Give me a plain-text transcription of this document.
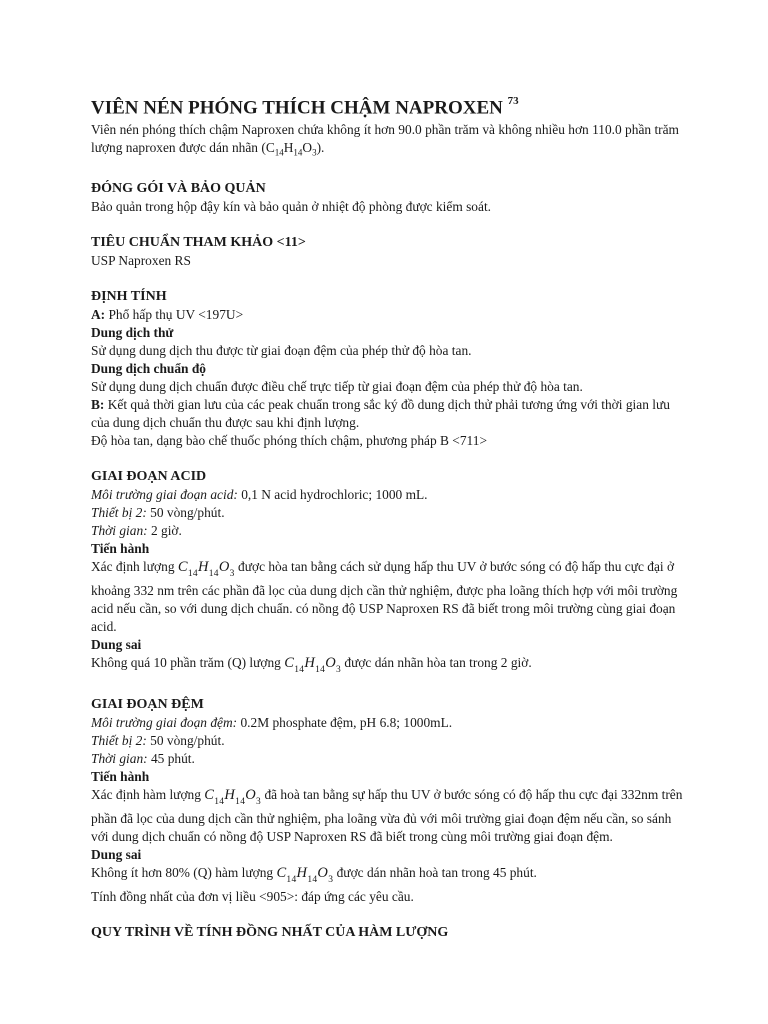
VIÊN NÉN PHÓNG THÍCH CHẬM NAPROXEN $^{73}$

Viên nén phóng thích chậm Naproxen chứa không ít hơn 90.0 phần trăm và không nhiều hơn 110.0 phần trăm lượng naproxen được dán nhãn $(C_{14}H_{14}O_3)$.

ĐÓNG GÓI VÀ BẢO QUẢN

Bảo quản trong hộp đậy kín và bảo quản ở nhiệt độ phòng được kiểm soát.

TIÊU CHUẨN THAM KHẢO <11>

USP Naproxen RS

ĐỊNH TÍNH

A: Phổ hấp thụ UV <197U>

Dung dịch thử

Sử dụng dung dịch thu được từ giai đoạn đệm của phép thử độ hòa tan.

Dung dịch chuẩn độ

Sử dụng dung dịch chuẩn được điều chế trực tiếp từ giai đoạn đệm của phép thử độ hòa tan.

B: Kết quả thời gian lưu của các peak chuẩn trong sắc ký đồ dung dịch thử phải tương ứng với thời gian lưu của dung dịch chuẩn thu được sau khi định lượng.

Độ hòa tan, dạng bào chế thuốc phóng thích chậm, phương pháp B <711>

GIAI ĐOẠN ACID

Môi trường giai đoạn acid: 0,1 N acid hydrochloric; 1000 mL.

Thiết bị 2: 50 vòng/phút.

Thời gian: 2 giờ.

Tiến hành

Xác định lượng $C_{14}H_{14}O_3$ được hòa tan bằng cách sử dụng hấp thu UV ở bước sóng có độ hấp thu cực đại ở khoảng 332 nm trên các phần đã lọc của dung dịch cần thử nghiệm, được pha loãng thích hợp với môi trường acid nếu cần, so với dung dịch chuẩn. có nồng độ USP Naproxen RS đã biết trong môi trường cùng giai đoạn acid.

Dung sai

Không quá 10 phần trăm (Q) lượng $C_{14}H_{14}O_3$ được dán nhãn hòa tan trong 2 giờ.

GIAI ĐOẠN ĐỆM

Môi trường giai đoạn đệm: 0.2M phosphate đệm, pH 6.8; 1000mL.

Thiết bị 2: 50 vòng/phút.

Thời gian: 45 phút.

Tiến hành

Xác định hàm lượng $C_{14}H_{14}O_3$ đã hoà tan bằng sự hấp thu UV ở bước sóng có độ hấp thu cực đại 332nm trên phần đã lọc của dung dịch cần thử nghiệm, pha loãng vừa đủ với môi trường giai đoạn đệm nếu cần, so sánh với dung dịch chuẩn có nồng độ USP Naproxen RS đã biết trong cùng môi trường giai đoạn đệm.

Dung sai

Không ít hơn 80% (Q) hàm lượng $C_{14}H_{14}O_3$ được dán nhãn hoà tan trong 45 phút.

Tính đồng nhất của đơn vị liều <905>: đáp ứng các yêu cầu.

QUY TRÌNH VỀ TÍNH ĐỒNG NHẤT CỦA HÀM LƯỢNG
